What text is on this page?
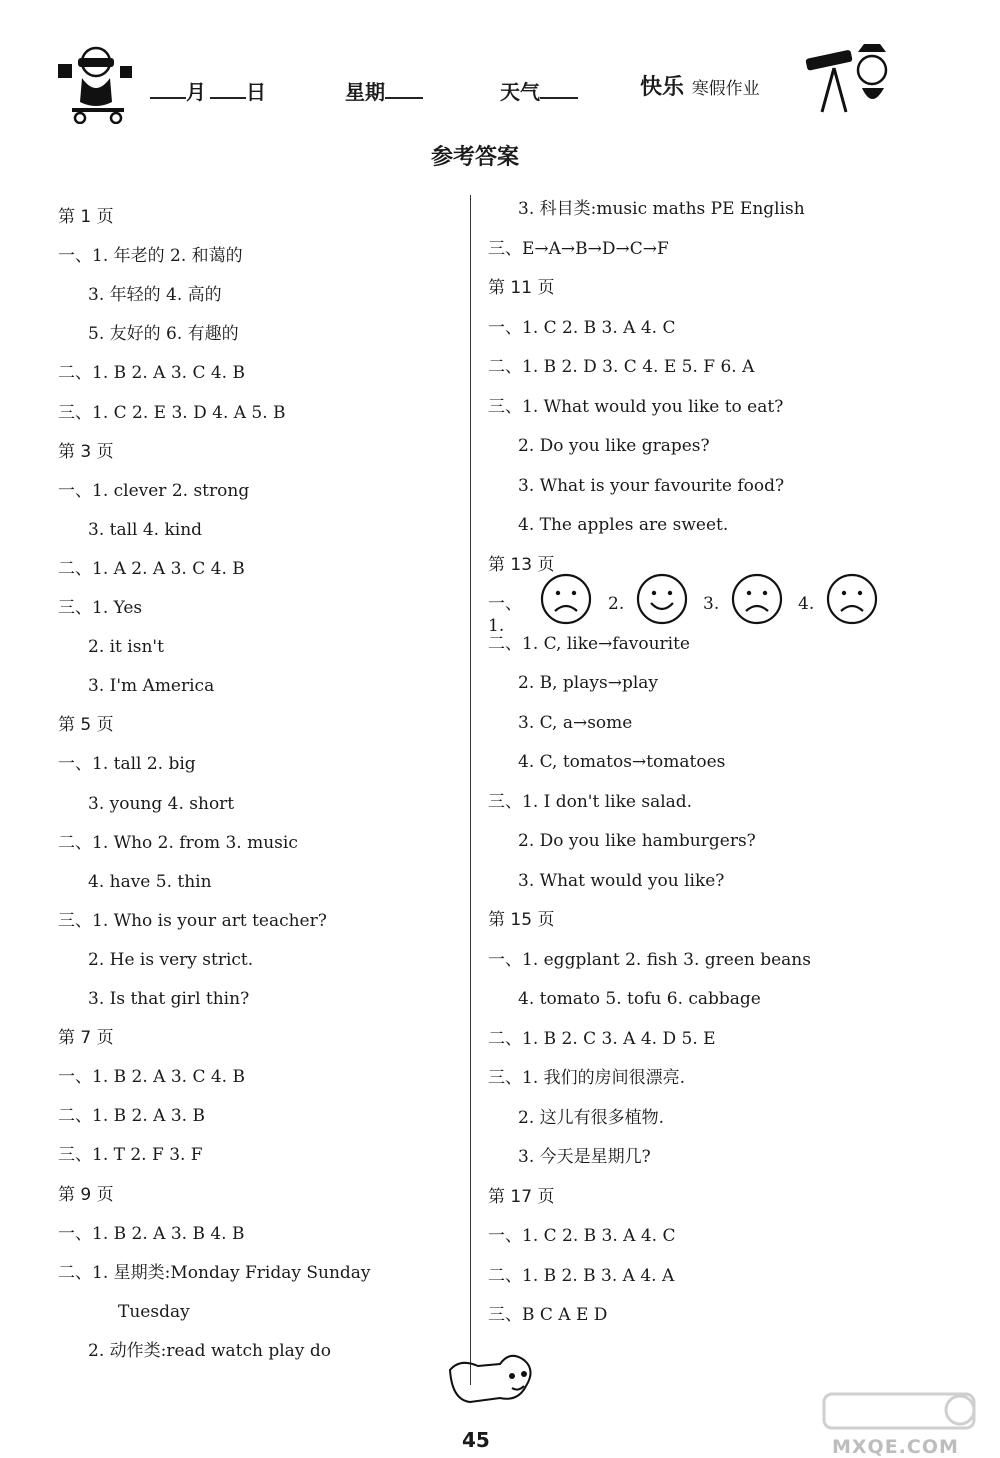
月	日	星期	天气	快乐 寒假作业
参考答案
第 1 页
一、1. 年老的 2. 和蔼的
3. 年轻的 4. 高的
5. 友好的 6. 有趣的
二、1. B 2. A 3. C 4. B
三、1. C 2. E 3. D 4. A 5. B
第 3 页
一、1. clever 2. strong
3. tall 4. kind
二、1. A 2. A 3. C 4. B
三、1. Yes
2. it isn't
3. I'm America
第 5 页
一、1. tall 2. big
3. young 4. short
二、1. Who 2. from 3. music
4. have 5. thin
三、1. Who is your art teacher?
2. He is very strict.
3. Is that girl thin?
第 7 页
一、1. B 2. A 3. C 4. B
二、1. B 2. A 3. B
三、1. T 2. F 3. F
第 9 页
一、1. B 2. A 3. B 4. B
二、1. 星期类:Monday Friday Sunday
Tuesday
2. 动作类:read watch play do
3. 科目类:music maths PE English
三、E→A→B→D→C→F
第 11 页
一、1. C 2. B 3. A 4. C
二、1. B 2. D 3. C 4. E 5. F 6. A
三、1. What would you like to eat?
2. Do you like grapes?
3. What is your favourite food?
4. The apples are sweet.
第 13 页
一、1.
2.	3.	4.
二、1. C, like→favourite
2. B, plays→play
3. C, a→some
4. C, tomatos→tomatoes
三、1. I don't like salad.
2. Do you like hamburgers?
3. What would you like?
第 15 页
一、1. eggplant 2. fish 3. green beans
4. tomato 5. tofu 6. cabbage
二、1. B 2. C 3. A 4. D 5. E
三、1. 我们的房间很漂亮.
2. 这儿有很多植物.
3. 今天是星期几?
第 17 页
一、1. C 2. B 3. A 4. C
二、1. B 2. B 3. A 4. A
三、B C A E D
45	MXQE.COM
